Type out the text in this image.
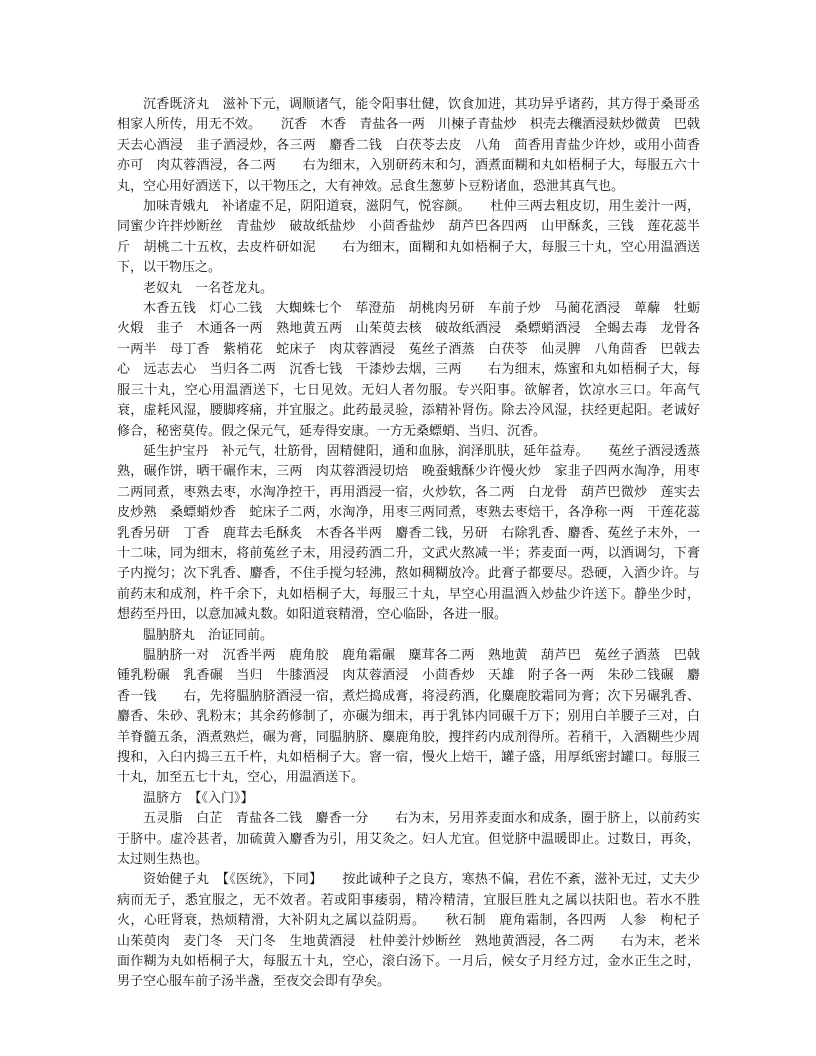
沉香既济丸　滋补下元，调顺诸气，能令阳事壮健，饮食加进，其功异乎诸药，其方得于桑哥丞相家人所传，用无不效。　　沉香　木香　青盐各一两　川楝子青盐炒　枳壳去穰酒浸麸炒微黄　巴戟天去心酒浸　韭子酒浸炒，各三两　麝香二钱　白茯苓去皮　八角　茴香用青盐少许炒，或用小茴香亦可　肉苁蓉酒浸，各二两　　右为细末，入别研药末和匀，酒煮面糊和丸如梧桐子大，每服五六十丸，空心用好酒送下，以干物压之，大有神效。忌食生葱萝卜豆粉诸血，恐泄其真气也。

加味青娥丸　补诸虚不足，阴阳道衰，滋阴气，悦容颜。　　杜仲三两去粗皮切，用生姜汁一两，同蜜少许拌炒断丝　青盐炒　破故纸盐炒　小茴香盐炒　葫芦巴各四两　山甲酥炙，三钱　莲花蕊半斤　胡桃二十五枚，去皮杵研如泥　　右为细末，面糊和丸如梧桐子大，每服三十丸，空心用温酒送下，以干物压之。

老奴丸　一名苍龙丸。

木香五钱　灯心二钱　大蜘蛛七个　荜澄茄　胡桃肉另研　车前子炒　马蔺花酒浸　萆薢　牡蛎火煅　韭子　木通各一两　熟地黄五两　山茱萸去核　破故纸酒浸　桑螵蛸酒浸　全蝎去毒　龙骨各一两半　母丁香　紫梢花　蛇床子　肉苁蓉酒浸　菟丝子酒蒸　白茯苓　仙灵脾　八角茴香　巴戟去心　远志去心　当归各二两　沉香七钱　干漆炒去烟，三两　　右为细末，炼蜜和丸如梧桐子大，每服三十丸，空心用温酒送下，七日见效。无妇人者勿服。专兴阳事。欲解者，饮凉水三口。年高气衰，虚耗风湿，腰脚疼痛，并宜服之。此药最灵验，添精补肾伤。除去冷风湿，扶经更起阳。老诚好修合，秘密莫传。假之保元气，延寿得安康。一方无桑螵蛸、当归、沉香。

延生护宝丹　补元气，壮筋骨，固精健阳，通和血脉，润泽肌肤，延年益寿。　　菟丝子酒浸透蒸熟，碾作饼，晒干碾作末，三两　肉苁蓉酒浸切焙　晚蚕蛾酥少许慢火炒　家韭子四两水淘净，用枣二两同煮，枣熟去枣，水淘净控干，再用酒浸一宿，火炒软，各二两　白龙骨　葫芦巴微炒　莲实去皮炒熟　桑螵蛸炒香　蛇床子二两，水淘净，用枣三两同煮，枣熟去枣焙干，各净称一两　干莲花蕊　乳香另研　丁香　鹿茸去毛酥炙　木香各半两　麝香二钱，另研　右除乳香、麝香、菟丝子末外，一十二味，同为细末，将前菟丝子末，用浸药酒二升，文武火熬减一半；荞麦面一两，以酒调匀，下膏子内搅匀；次下乳香、麝香，不住手搅匀轻沸，熬如稠糊放冷。此膏子都要尽。恐硬，入酒少许。与前药末和成剂，杵千余下，丸如梧桐子大，每服三十丸，早空心用温酒入炒盐少许送下。静坐少时，想药至丹田，以意加减丸数。如阳道衰精滑，空心临卧，各进一服。

腽肭脐丸　治证同前。

腽肭脐一对　沉香半两　鹿角胶　鹿角霜碾　麋茸各二两　熟地黄　葫芦巴　菟丝子酒蒸　巴戟　锺乳粉碾　乳香碾　当归　牛膝酒浸　肉苁蓉酒浸　小茴香炒　天雄　附子各一两　朱砂二钱碾　麝香一钱　　右，先将腽肭脐酒浸一宿，煮烂捣成膏，将浸药酒，化麋鹿胶霜同为膏；次下另碾乳香、麝香、朱砂、乳粉末；其余药修制了，亦碾为细末，再于乳钵内同碾千万下；别用白羊腰子三对，白羊脊髓五条，酒煮熟烂，碾为膏，同腽肭脐、麋鹿角胶，搜拌药内成剂得所。若稍干，入酒糊些少周搜和，入臼内捣三五千杵，丸如梧桐子大。窨一宿，慢火上焙干，罐子盛，用厚纸密封罐口。每服三十丸，加至五七十丸，空心，用温酒送下。

温脐方　【《入门》】

五灵脂　白芷　青盐各二钱　麝香一分　　右为末，另用荞麦面水和成条，圈于脐上，以前药实于脐中。虚冷甚者，加硫黄入麝香为引，用艾灸之。妇人尤宜。但觉脐中温暖即止。过数日，再灸，太过则生热也。

资始健子丸　【《医统》，下同】　　按此诚种子之良方，寒热不偏，君佐不紊，滋补无过，丈夫少病而无子，悉宜服之，无不效者。若或阳事痿弱，精冷精清，宜服巨胜丸之属以扶阳也。若水不胜火，心旺肾衰，热烦精滑，大补阴丸之属以益阴焉。　　秋石制　鹿角霜制，各四两　人参　枸杞子　山茱萸肉　麦门冬　天门冬　生地黄酒浸　杜仲姜汁炒断丝　熟地黄酒浸，各二两　　右为末，老米面作糊为丸如梧桐子大，每服五十丸，空心，滚白汤下。一月后，候女子月经方过，金水正生之时，男子空心服车前子汤半盏，至夜交会即有孕矣。
